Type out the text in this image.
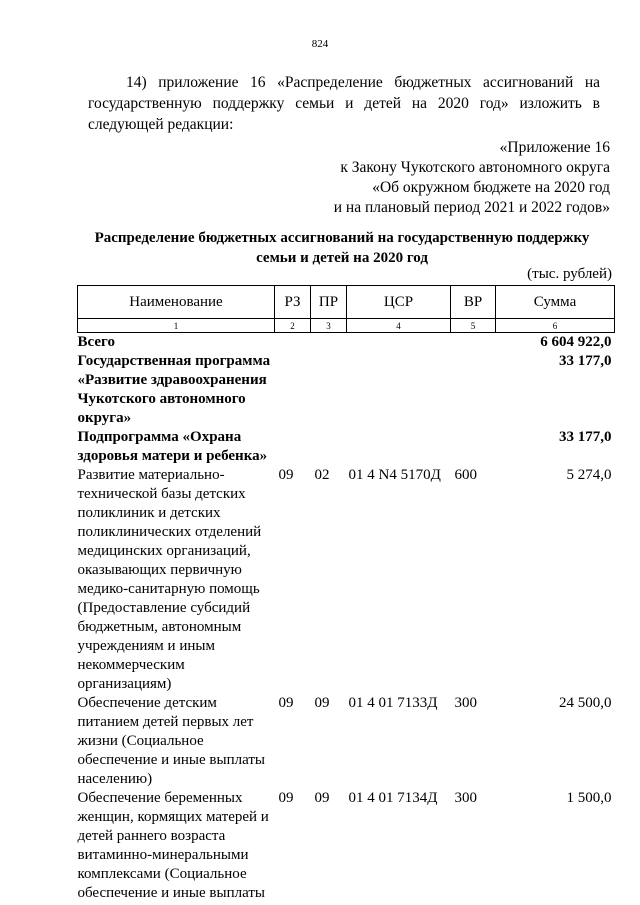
824

14) приложение 16 «Распределение бюджетных ассигнований на государственную поддержку семьи и детей на 2020 год» изложить в следующей редакции:

«Приложение 16
к Закону Чукотского автономного округа
«Об окружном бюджете на 2020 год
и на плановый период 2021 и 2022 годов»
Распределение бюджетных ассигнований на государственную поддержку
семьи и детей на 2020 год
(тыс. рублей)
Наименование	РЗ	ПР	ЦСР	ВР	Сумма
1	2	3	4	5	6
Всего					6 604 922,0
Государственная программа «Развитие здравоохранения Чукотского автономного округа»					33 177,0
Подпрограмма «Охрана здоровья матери и ребенка»					33 177,0
Развитие материально-технической базы детских поликлиник и детских поликлинических отделений медицинских организаций, оказывающих первичную медико-санитарную помощь (Предоставление субсидий бюджетным, автономным учреждениям и иным некоммерческим организациям)	09	02	01 4 N4 5170Д	600	5 274,0
Обеспечение детским питанием детей первых лет жизни (Социальное обеспечение и иные выплаты населению)	09	09	01 4 01 7133Д	300	24 500,0
Обеспечение беременных женщин, кормящих матерей и детей раннего возраста витаминно-минеральными комплексами (Социальное обеспечение и иные выплаты	09	09	01 4 01 7134Д	300	1 500,0
